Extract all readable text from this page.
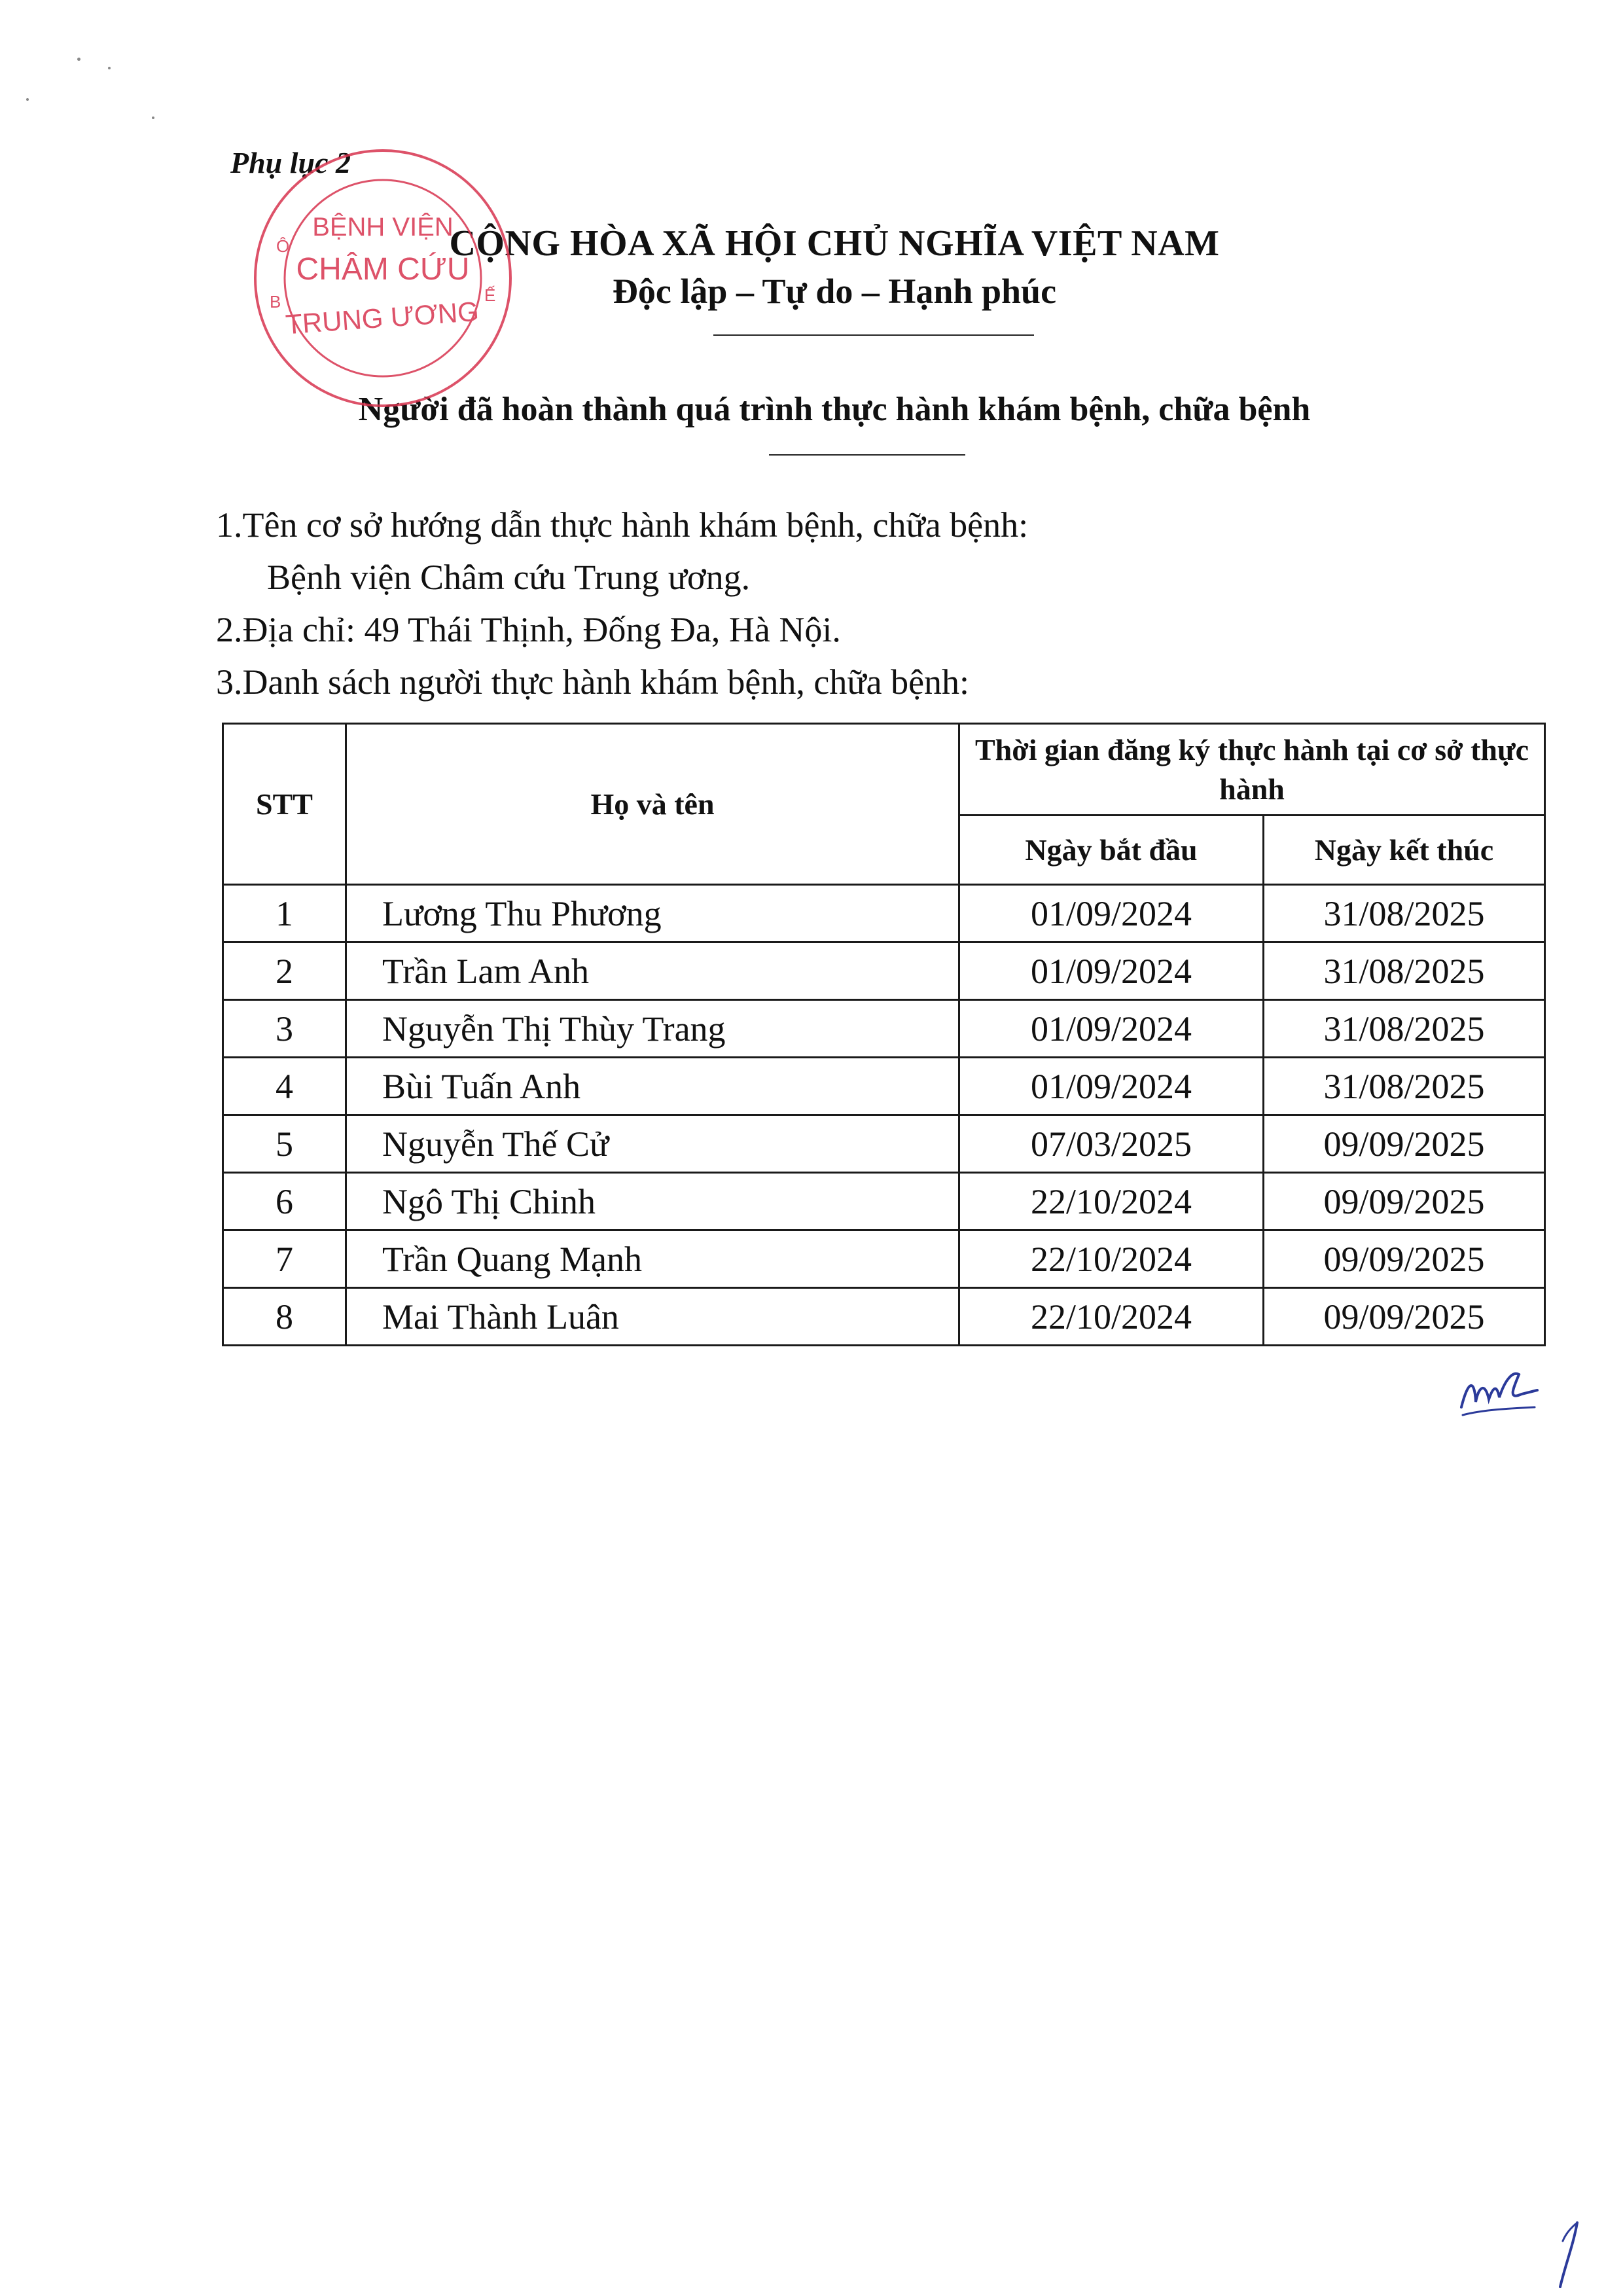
Phụ lục 2
CỘNG HÒA XÃ HỘI CHỦ NGHĨA VIỆT NAM
Độc lập – Tự do – Hạnh phúc
Người đã hoàn thành quá trình thực hành khám bệnh, chữa bệnh
1.Tên cơ sở hướng dẫn thực hành khám bệnh, chữa bệnh:
Bệnh viện Châm cứu Trung ương.
2.Địa chỉ: 49 Thái Thịnh, Đống Đa, Hà Nội.
3.Danh sách người thực hành khám bệnh, chữa bệnh:
STT	Họ và tên	Thời gian đăng ký thực hành tại cơ sở thực hành	
		Ngày bắt đầu	Ngày kết thúc
1	Lương Thu Phương	01/09/2024	31/08/2025
2	Trần Lam Anh	01/09/2024	31/08/2025
3	Nguyễn Thị Thùy Trang	01/09/2024	31/08/2025
4	Bùi Tuấn Anh	01/09/2024	31/08/2025
5	Nguyễn Thế Cử	07/03/2025	09/09/2025
6	Ngô Thị Chinh	22/10/2024	09/09/2025
7	Trần Quang Mạnh	22/10/2024	09/09/2025
8	Mai Thành Luân	22/10/2024	09/09/2025
Ô
B	Ế
BỆNH VIỆN
CHÂM CỨU
TRUNG ƯƠNG
